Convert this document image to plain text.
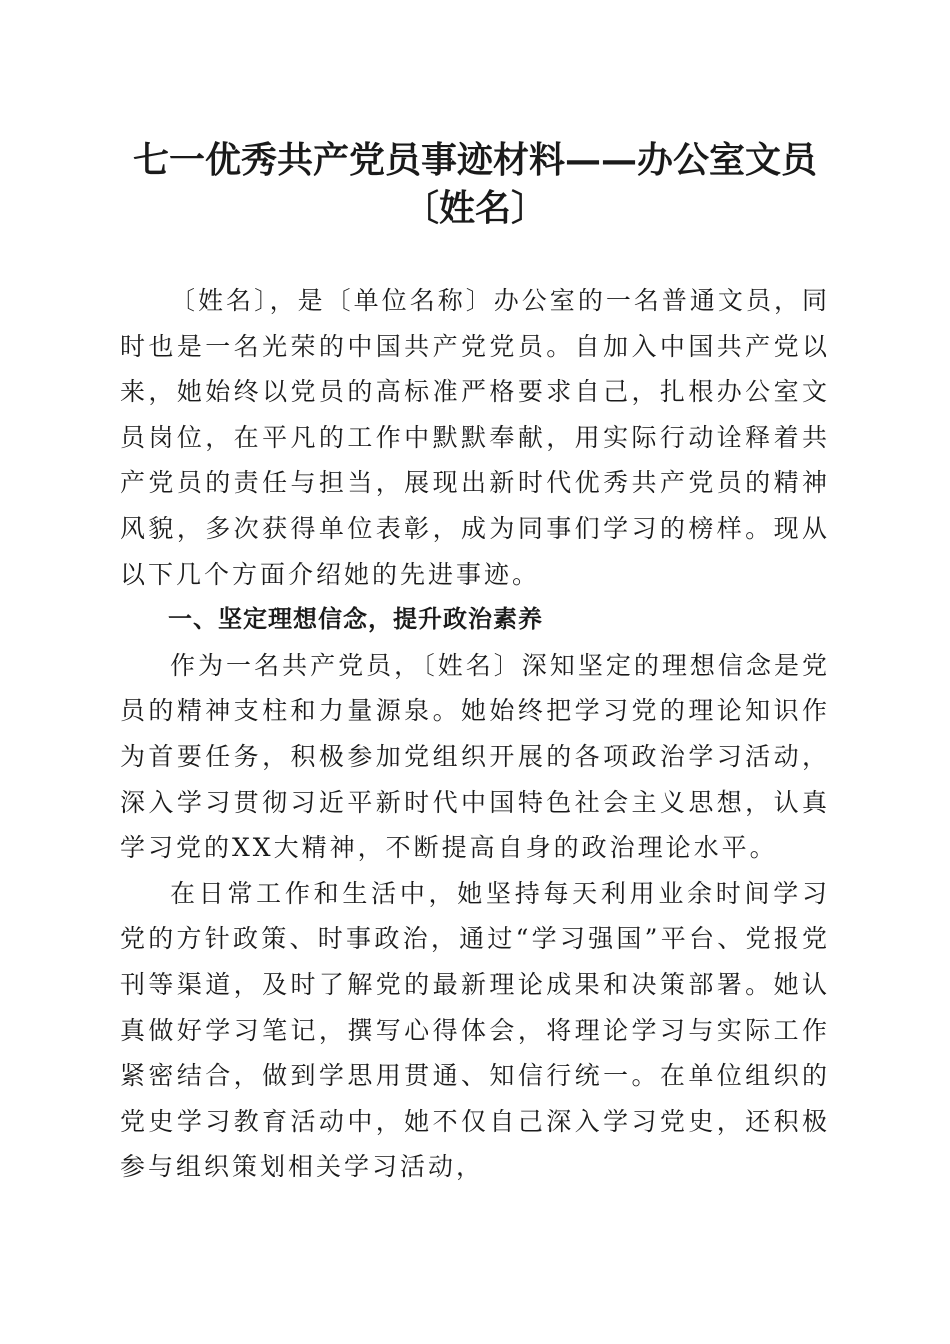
七一优秀共产党员事迹材料——办公室文员
〔姓名〕

〔姓名〕，是〔单位名称〕办公室的一名普通文员，同时也是一名光荣的中国共产党党员。自加入中国共产党以来，她始终以党员的高标准严格要求自己，扎根办公室文员岗位，在平凡的工作中默默奉献，用实际行动诠释着共产党员的责任与担当，展现出新时代优秀共产党员的精神风貌，多次获得单位表彰，成为同事们学习的榜样。现从以下几个方面介绍她的先进事迹。

一、坚定理想信念，提升政治素养

作为一名共产党员，〔姓名〕深知坚定的理想信念是党员的精神支柱和力量源泉。她始终把学习党的理论知识作为首要任务，积极参加党组织开展的各项政治学习活动，深入学习贯彻习近平新时代中国特色社会主义思想，认真学习党的XX大精神，不断提高自身的政治理论水平。

在日常工作和生活中，她坚持每天利用业余时间学习党的方针政策、时事政治，通过“学习强国”平台、党报党刊等渠道，及时了解党的最新理论成果和决策部署。她认真做好学习笔记，撰写心得体会，将理论学习与实际工作紧密结合，做到学思用贯通、知信行统一。在单位组织的党史学习教育活动中，她不仅自己深入学习党史，还积极参与组织策划相关学习活动，
